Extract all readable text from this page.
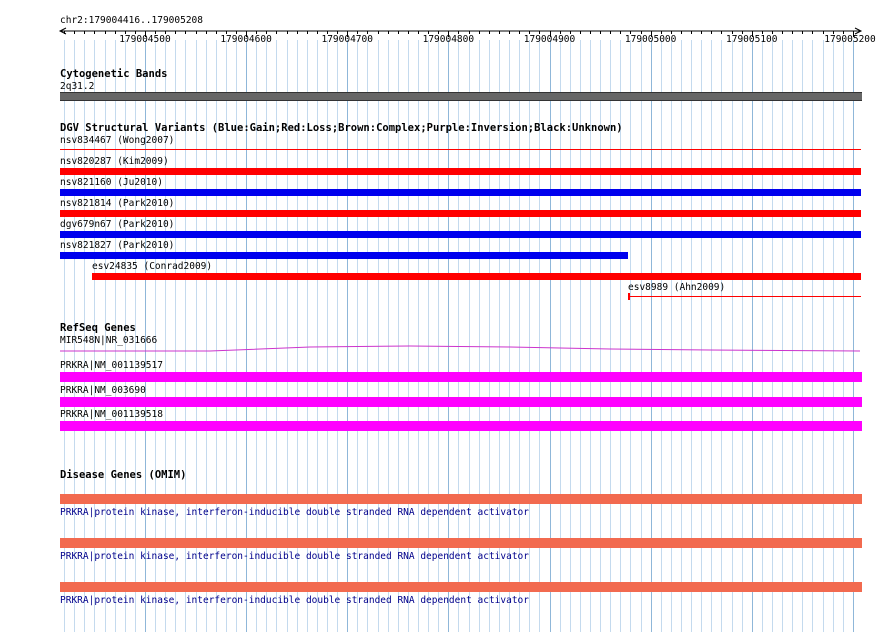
chr2:179004416..179005208
179004500	179004600	179004700	179004800	179004900	179005000	179005100	179005200
Cytogenetic Bands
2q31.2
DGV Structural Variants (Blue:Gain;Red:Loss;Brown:Complex;Purple:Inversion;Black:Unknown)
nsv834467 (Wong2007)
nsv820287 (Kim2009)
nsv821160 (Ju2010)
nsv821814 (Park2010)
dgv679n67 (Park2010)
nsv821827 (Park2010)
esv24835 (Conrad2009)
esv8989 (Ahn2009)
RefSeq Genes
MIR548N|NR_031666
PRKRA|NM_001139517
PRKRA|NM_003690
PRKRA|NM_001139518
Disease Genes (OMIM)
PRKRA|protein kinase, interferon-inducible double stranded RNA dependent activator
PRKRA|protein kinase, interferon-inducible double stranded RNA dependent activator
PRKRA|protein kinase, interferon-inducible double stranded RNA dependent activator
